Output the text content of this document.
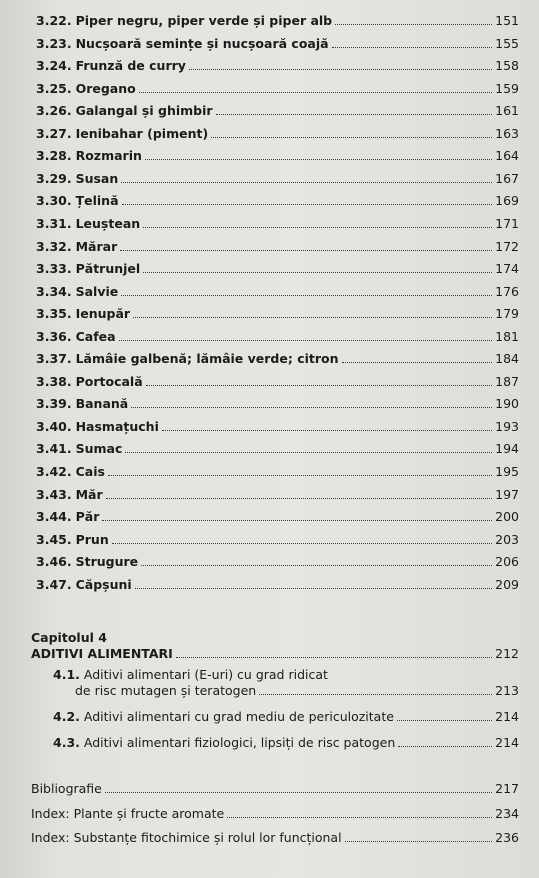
3.22. Piper negru, piper verde și piper alb	151
3.23. Nucșoară semințe și nucșoară coajă	155
3.24. Frunză de curry	158
3.25. Oregano	159
3.26. Galangal și ghimbir	161
3.27. Ienibahar (piment)	163
3.28. Rozmarin	164
3.29. Susan	167
3.30. Țelină	169
3.31. Leuștean	171
3.32. Mărar	172
3.33. Pătrunjel	174
3.34. Salvie	176
3.35. Ienupăr	179
3.36. Cafea	181
3.37. Lămâie galbenă; lămâie verde; citron	184
3.38. Portocală	187
3.39. Banană	190
3.40. Hasmațuchi	193
3.41. Sumac	194
3.42. Cais	195
3.43. Măr	197
3.44. Păr	200
3.45. Prun	203
3.46. Strugure	206
3.47. Căpșuni	209
Capitolul 4
ADITIVI ALIMENTARI	212
4.1. Aditivi alimentari (E-uri) cu grad ridicat
de risc mutagen și teratogen	213
4.2. Aditivi alimentari cu grad mediu de periculozitate	214
4.3. Aditivi alimentari fiziologici, lipsiți de risc patogen	214
Bibliografie	217
Index: Plante și fructe aromate	234
Index: Substanțe fitochimice și rolul lor funcțional	236
